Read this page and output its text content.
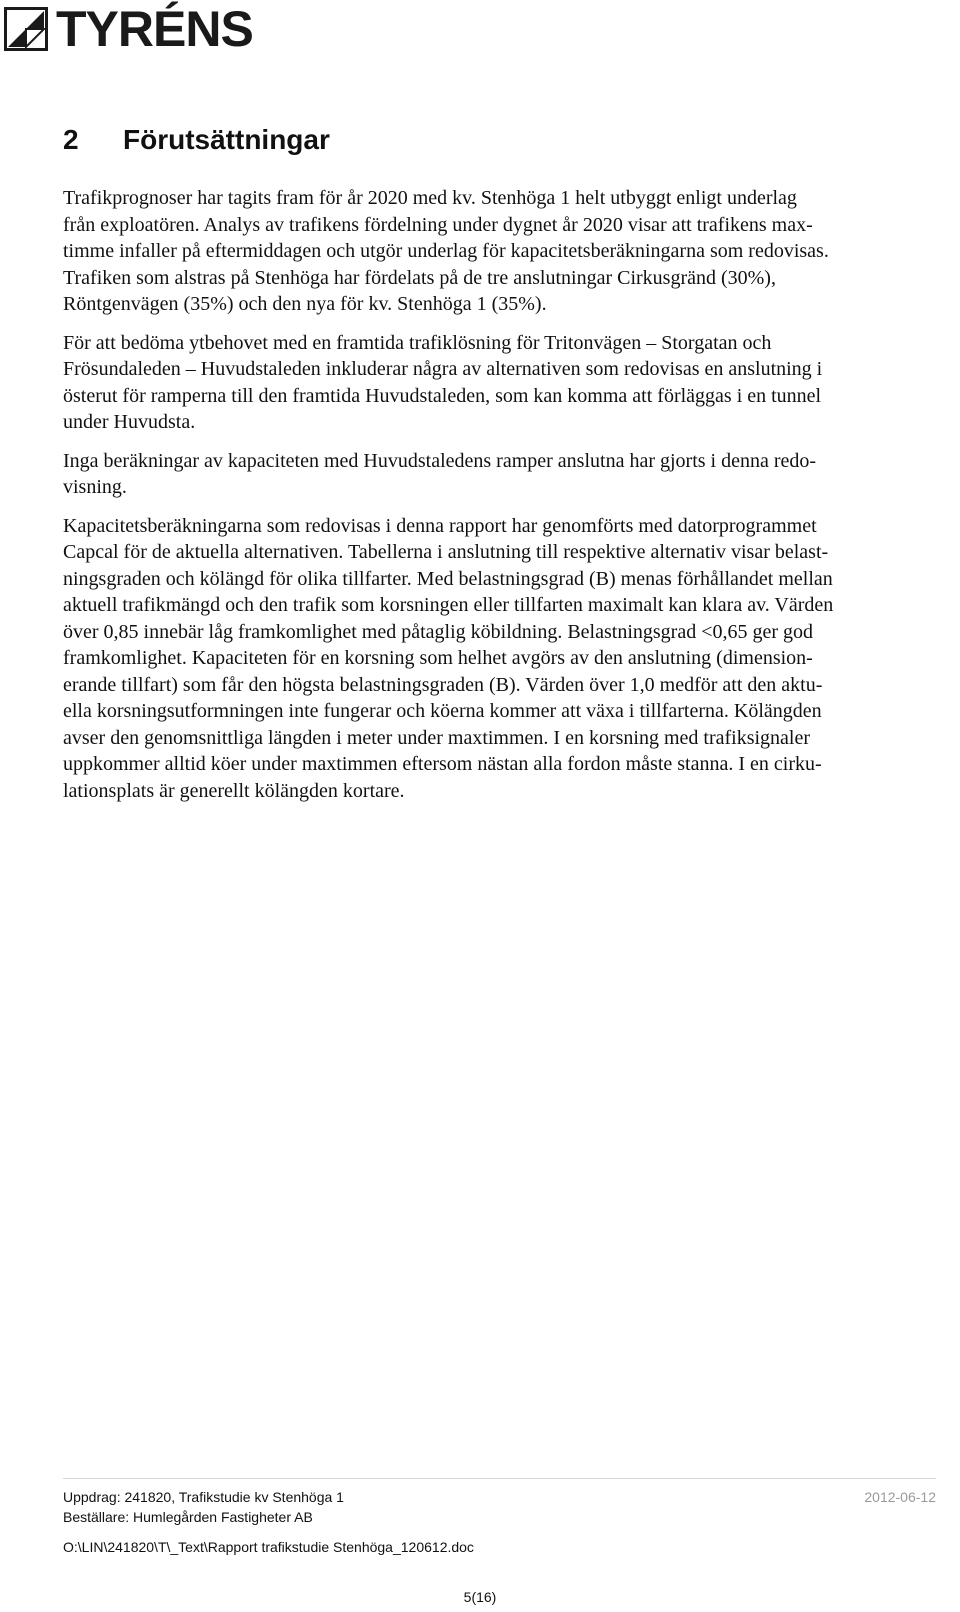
TYRÉNS
2 Förutsättningar

Trafikprognoser har tagits fram för år 2020 med kv. Stenhöga 1 helt utbyggt enligt underlag
från exploatören. Analys av trafikens fördelning under dygnet år 2020 visar att trafikens max-
timme infaller på eftermiddagen och utgör underlag för kapacitetsberäkningarna som redovisas.
Trafiken som alstras på Stenhöga har fördelats på de tre anslutningar Cirkusgränd (30%),
Röntgenvägen (35%) och den nya för kv. Stenhöga 1 (35%).

För att bedöma ytbehovet med en framtida trafiklösning för Tritonvägen – Storgatan och
Frösundaleden – Huvudstaleden inkluderar några av alternativen som redovisas en anslutning i
österut för ramperna till den framtida Huvudstaleden, som kan komma att förläggas i en tunnel
under Huvudsta.

Inga beräkningar av kapaciteten med Huvudstaledens ramper anslutna har gjorts i denna redo-
visning.

Kapacitetsberäkningarna som redovisas i denna rapport har genomförts med datorprogrammet
Capcal för de aktuella alternativen. Tabellerna i anslutning till respektive alternativ visar belast-
ningsgraden och kölängd för olika tillfarter. Med belastningsgrad (B) menas förhållandet mellan
aktuell trafikmängd och den trafik som korsningen eller tillfarten maximalt kan klara av. Värden
över 0,85 innebär låg framkomlighet med påtaglig köbildning. Belastningsgrad <0,65 ger god
framkomlighet. Kapaciteten för en korsning som helhet avgörs av den anslutning (dimension-
erande tillfart) som får den högsta belastningsgraden (B). Värden över 1,0 medför att den aktu-
ella korsningsutformningen inte fungerar och köerna kommer att växa i tillfarterna. Kölängden
avser den genomsnittliga längden i meter under maxtimmen. I en korsning med trafiksignaler
uppkommer alltid köer under maxtimmen eftersom nästan alla fordon måste stanna. I en cirku-
lationsplats är generellt kölängden kortare.

Uppdrag: 241820, Trafikstudie kv Stenhöga 1	2012-06-12
Beställare: Humlegården Fastigheter AB
O:\LIN\241820\T\_Text\Rapport trafikstudie Stenhöga_120612.doc
5(16)
